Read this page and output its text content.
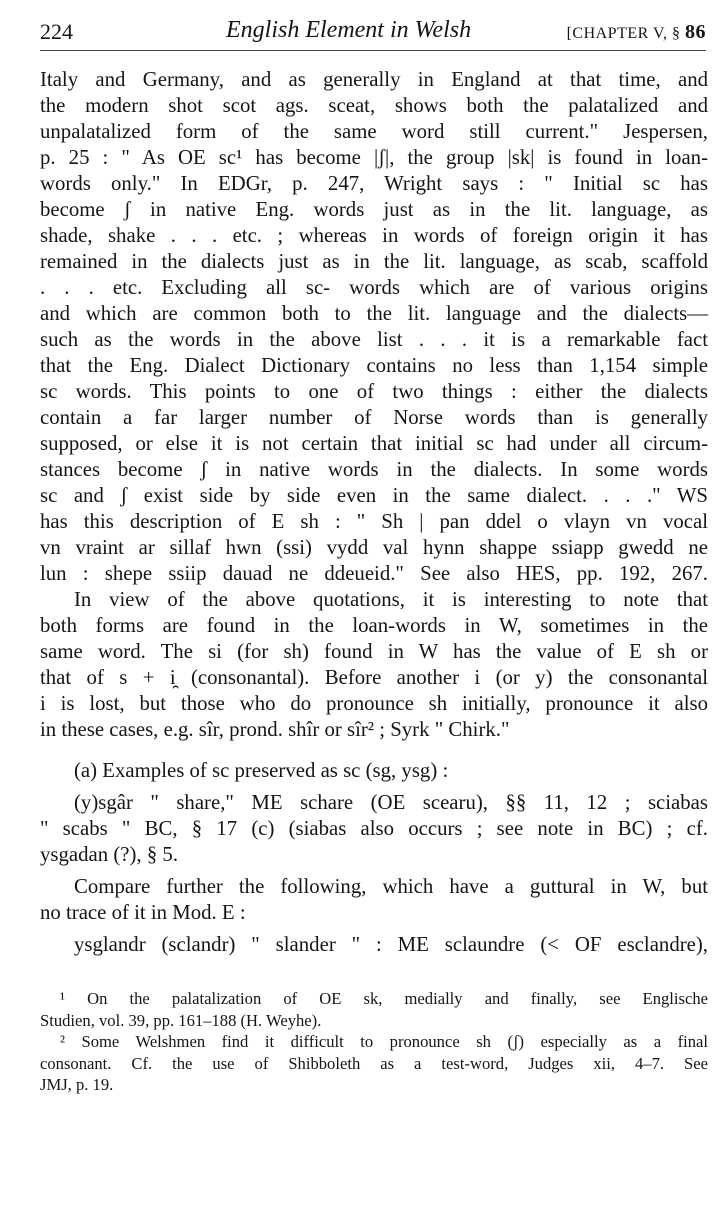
224	English Element in Welsh	[CHAPTER V, § 86
Italy and Germany, and as generally in England at that time, and
the modern shot scot ags. sceat, shows both the palatalized and
unpalatalized form of the same word still current." Jespersen,
p. 25 : " As OE sc¹ has become |ʃ|, the group |sk| is found in loan-
words only." In EDGr, p. 247, Wright says : " Initial sc has
become ʃ in native Eng. words just as in the lit. language, as
shade, shake . . . etc. ; whereas in words of foreign origin it has
remained in the dialects just as in the lit. language, as scab, scaffold
. . . etc. Excluding all sc- words which are of various origins
and which are common both to the lit. language and the dialects—
such as the words in the above list . . . it is a remarkable fact
that the Eng. Dialect Dictionary contains no less than 1,154 simple
sc words. This points to one of two things : either the dialects
contain a far larger number of Norse words than is generally
supposed, or else it is not certain that initial sc had under all circum-
stances become ʃ in native words in the dialects. In some words
sc and ʃ exist side by side even in the same dialect. . . ." WS
has this description of E sh : " Sh | pan ddel o vlayn vn vocal
vn vraint ar sillaf hwn (ssi) vydd val hynn shappe ssiapp gwedd ne
lun : shepe ssiip dauad ne ddeueid." See also HES, pp. 192, 267.
In view of the above quotations, it is interesting to note that
both forms are found in the loan-words in W, sometimes in the
same word. The si (for sh) found in W has the value of E sh or
that of s + i̯ (consonantal). Before another i (or y) the consonantal
i is lost, but those who do pronounce sh initially, pronounce it also
in these cases, e.g. sîr, prond. shîr or sîr² ; Syrk " Chirk."
(a) Examples of sc preserved as sc (sg, ysg) :
(y)sgâr " share," ME schare (OE scearu), §§ 11, 12 ; sciabas
" scabs " BC, § 17 (c) (siabas also occurs ; see note in BC) ; cf.
ysgadan (?), § 5.
Compare further the following, which have a guttural in W, but
no trace of it in Mod. E :
ysglandr (sclandr) " slander " : ME sclaundre (< OF esclandre),
¹ On the palatalization of OE sk, medially and finally, see Englische
Studien, vol. 39, pp. 161–188 (H. Weyhe).
² Some Welshmen find it difficult to pronounce sh (ʃ) especially as a final
consonant. Cf. the use of Shibboleth as a test-word, Judges xii, 4–7. See
JMJ, p. 19.
